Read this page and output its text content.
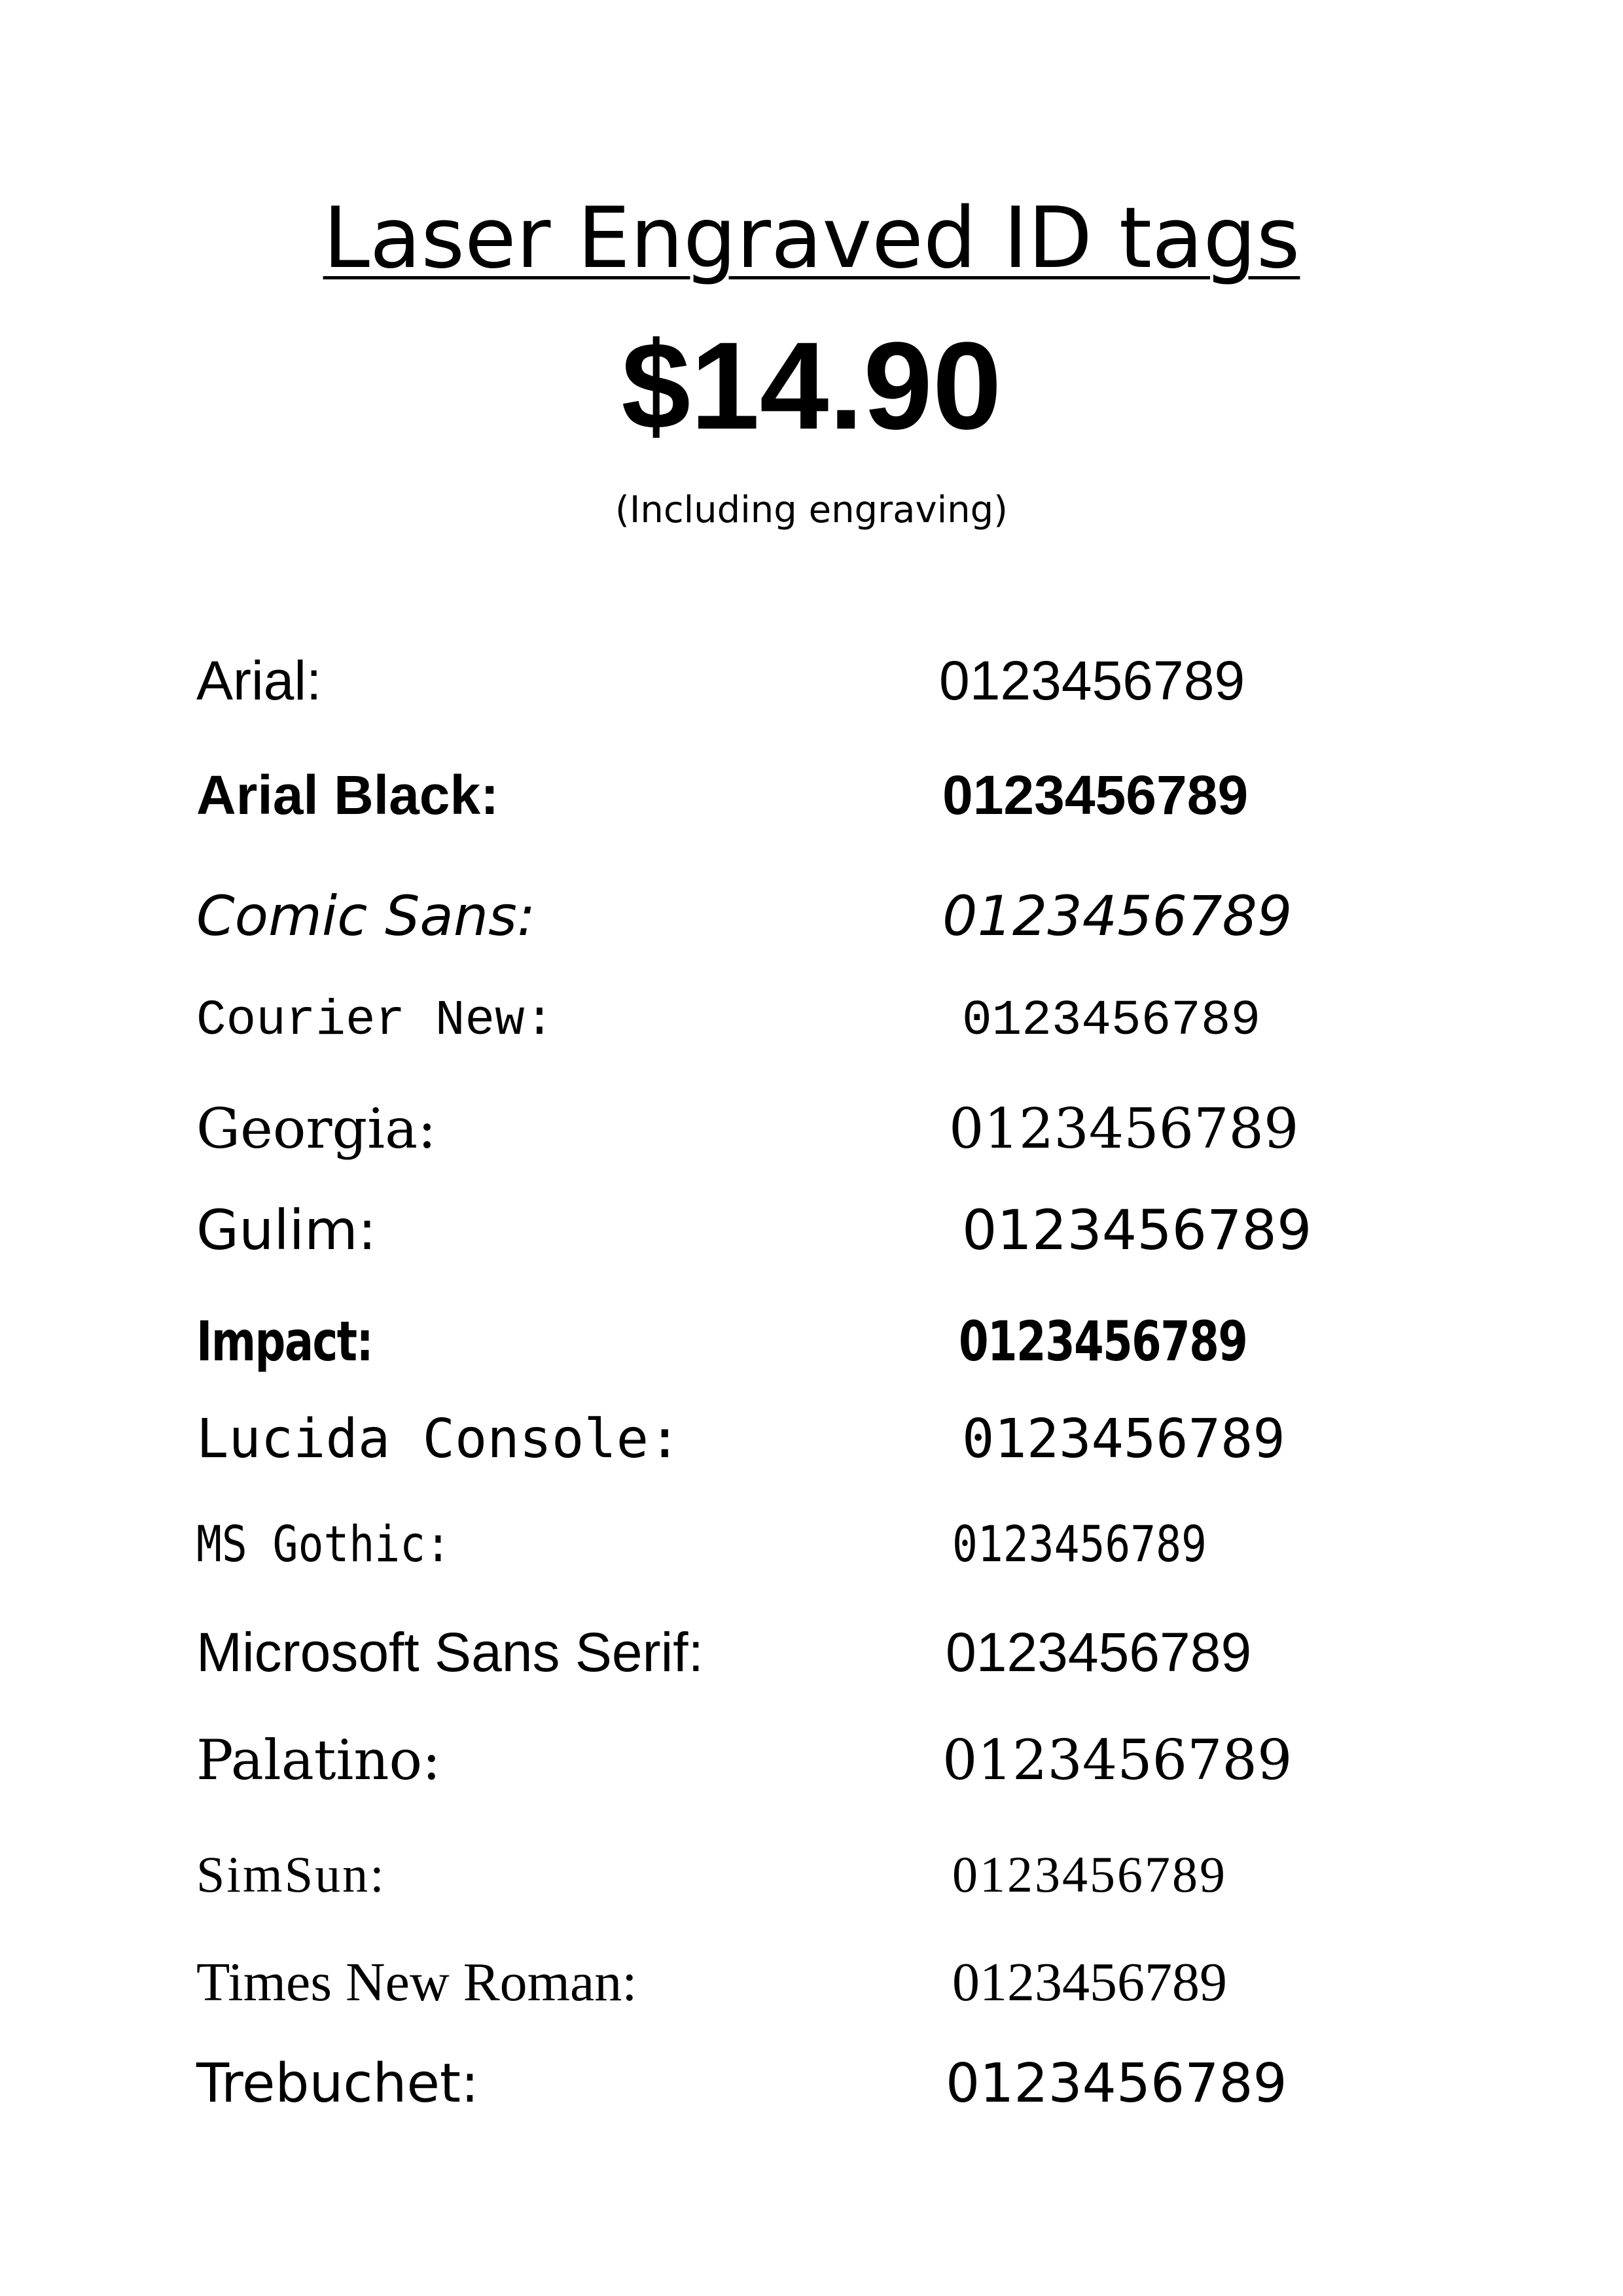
Laser Engraved ID tags
$14.90
(Including engraving)
Arial:	0123456789
Arial Black:	0123456789
Comic Sans:	0123456789
Courier New:	0123456789
Georgia:	0123456789
Gulim:	0123456789
Impact:	0123456789
Lucida Console:	0123456789
MS Gothic:	0123456789
Microsoft Sans Serif:	0123456789
Palatino:	0123456789
SimSun:	0123456789
Times New Roman:	0123456789
Trebuchet:	0123456789
